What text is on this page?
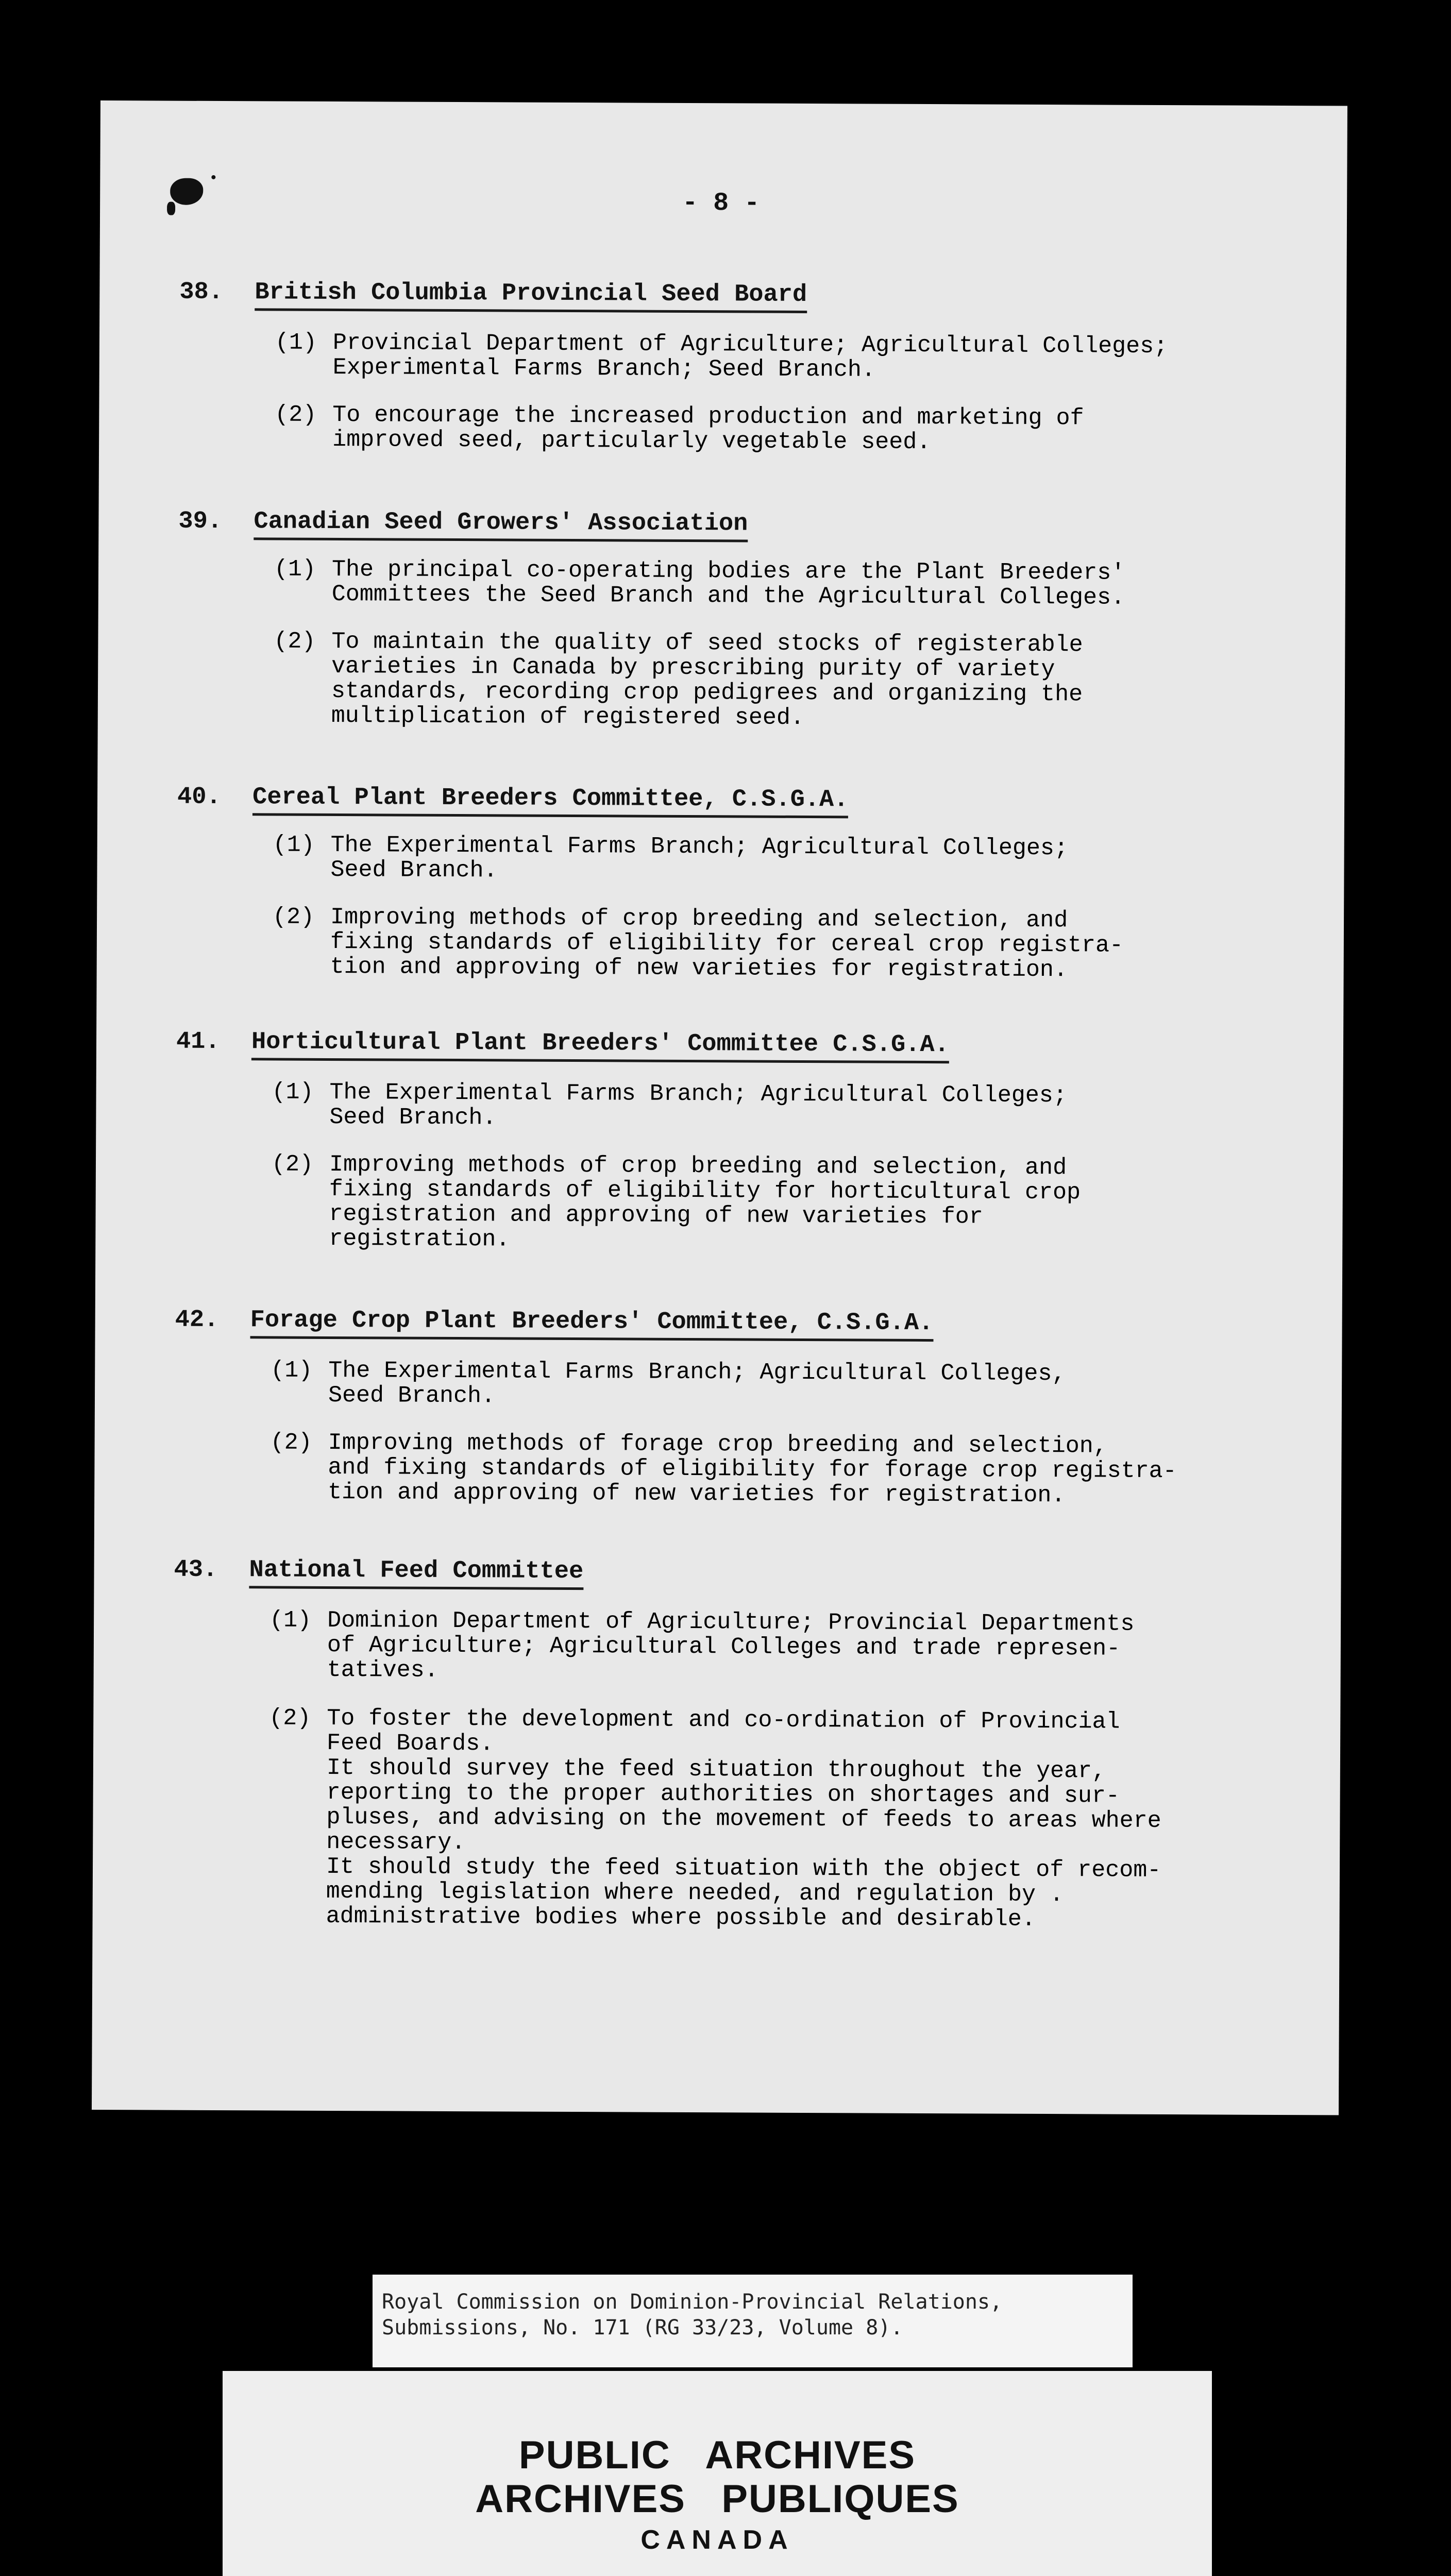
- 8 -
38. British Columbia Provincial Seed Board
(1) Provincial Department of Agriculture; Agricultural Colleges;
Experimental Farms Branch; Seed Branch.
(2) To encourage the increased production and marketing of
improved seed, particularly vegetable seed.
39. Canadian Seed Growers' Association
(1) The principal co-operating bodies are the Plant Breeders'
Committees the Seed Branch and the Agricultural Colleges.
(2) To maintain the quality of seed stocks of registerable
varieties in Canada by prescribing purity of variety
standards, recording crop pedigrees and organizing the
multiplication of registered seed.
40. Cereal Plant Breeders Committee, C.S.G.A.
(1) The Experimental Farms Branch; Agricultural Colleges;
Seed Branch.
(2) Improving methods of crop breeding and selection, and
fixing standards of eligibility for cereal crop registra-
tion and approving of new varieties for registration.
41. Horticultural Plant Breeders' Committee C.S.G.A.
(1) The Experimental Farms Branch; Agricultural Colleges;
Seed Branch.
(2) Improving methods of crop breeding and selection, and
fixing standards of eligibility for horticultural crop
registration and approving of new varieties for
registration.
42. Forage Crop Plant Breeders' Committee, C.S.G.A.
(1) The Experimental Farms Branch; Agricultural Colleges,
Seed Branch.
(2) Improving methods of forage crop breeding and selection,
and fixing standards of eligibility for forage crop registra-
tion and approving of new varieties for registration.
43. National Feed Committee
(1) Dominion Department of Agriculture; Provincial Departments
of Agriculture; Agricultural Colleges and trade represen-
tatives.
(2) To foster the development and co-ordination of Provincial
Feed Boards.
It should survey the feed situation throughout the year,
reporting to the proper authorities on shortages and sur-
pluses, and advising on the movement of feeds to areas where
necessary.
It should study the feed situation with the object of recom-
mending legislation where needed, and regulation by .
administrative bodies where possible and desirable.
Royal Commission on Dominion-Provincial Relations,
Submissions, No. 171 (RG 33/23, Volume 8).
PUBLIC   ARCHIVES
ARCHIVES   PUBLIQUES
CANADA
